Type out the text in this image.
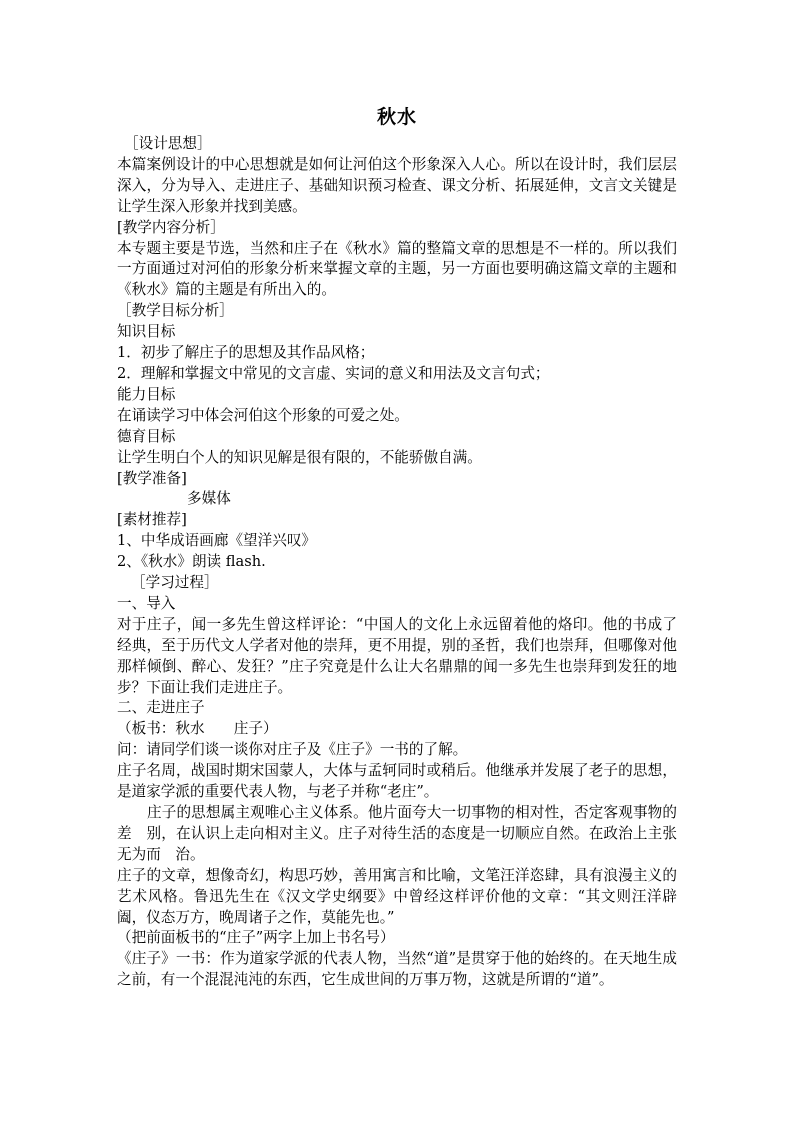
秋水

［设计思想］

本篇案例设计的中心思想就是如何让河伯这个形象深入人心。所以在设计时，我们层层深入，分为导入、走进庄子、基础知识预习检查、课文分析、拓展延伸，文言文关键是让学生深入形象并找到美感。

[教学内容分析］

本专题主要是节选，当然和庄子在《秋水》篇的整篇文章的思想是不一样的。所以我们一方面通过对河伯的形象分析来掌握文章的主题，另一方面也要明确这篇文章的主题和《秋水》篇的主题是有所出入的。

［教学目标分析］

知识目标

1．初步了解庄子的思想及其作品风格；

2．理解和掌握文中常见的文言虚、实词的意义和用法及文言句式；

能力目标

在诵读学习中体会河伯这个形象的可爱之处。

德育目标

让学生明白个人的知识见解是很有限的，不能骄傲自满。

[教学准备]

多媒体

[素材推荐]

1、中华成语画廊《望洋兴叹》

2、《秋水》朗读 flash.

［学习过程］

一、导入

对于庄子，闻一多先生曾这样评论：“中国人的文化上永远留着他的烙印。他的书成了经典，至于历代文人学者对他的崇拜，更不用提，别的圣哲，我们也崇拜，但哪像对他那样倾倒、醉心、发狂？”庄子究竟是什么让大名鼎鼎的闻一多先生也崇拜到发狂的地步？下面让我们走进庄子。

二、走进庄子

（板书：秋水　　庄子）

问：请同学们谈一谈你对庄子及《庄子》一书的了解。

庄子名周，战国时期宋国蒙人，大体与孟轲同时或稍后。他继承并发展了老子的思想，是道家学派的重要代表人物，与老子并称“老庄”。

庄子的思想属主观唯心主义体系。他片面夸大一切事物的相对性，否定客观事物的差　别，在认识上走向相对主义。庄子对待生活的态度是一切顺应自然。在政治上主张无为而　治。

庄子的文章，想像奇幻，构思巧妙，善用寓言和比喻，文笔汪洋恣肆，具有浪漫主义的艺术风格。鲁迅先生在《汉文学史纲要》中曾经这样评价他的文章：“其文则汪洋辟阖，仪态万方，晚周诸子之作，莫能先也。”

（把前面板书的“庄子”两字上加上书名号）

《庄子》一书：作为道家学派的代表人物，当然“道”是贯穿于他的始终的。在天地生成之前，有一个混混沌沌的东西，它生成世间的万事万物，这就是所谓的“道”。
